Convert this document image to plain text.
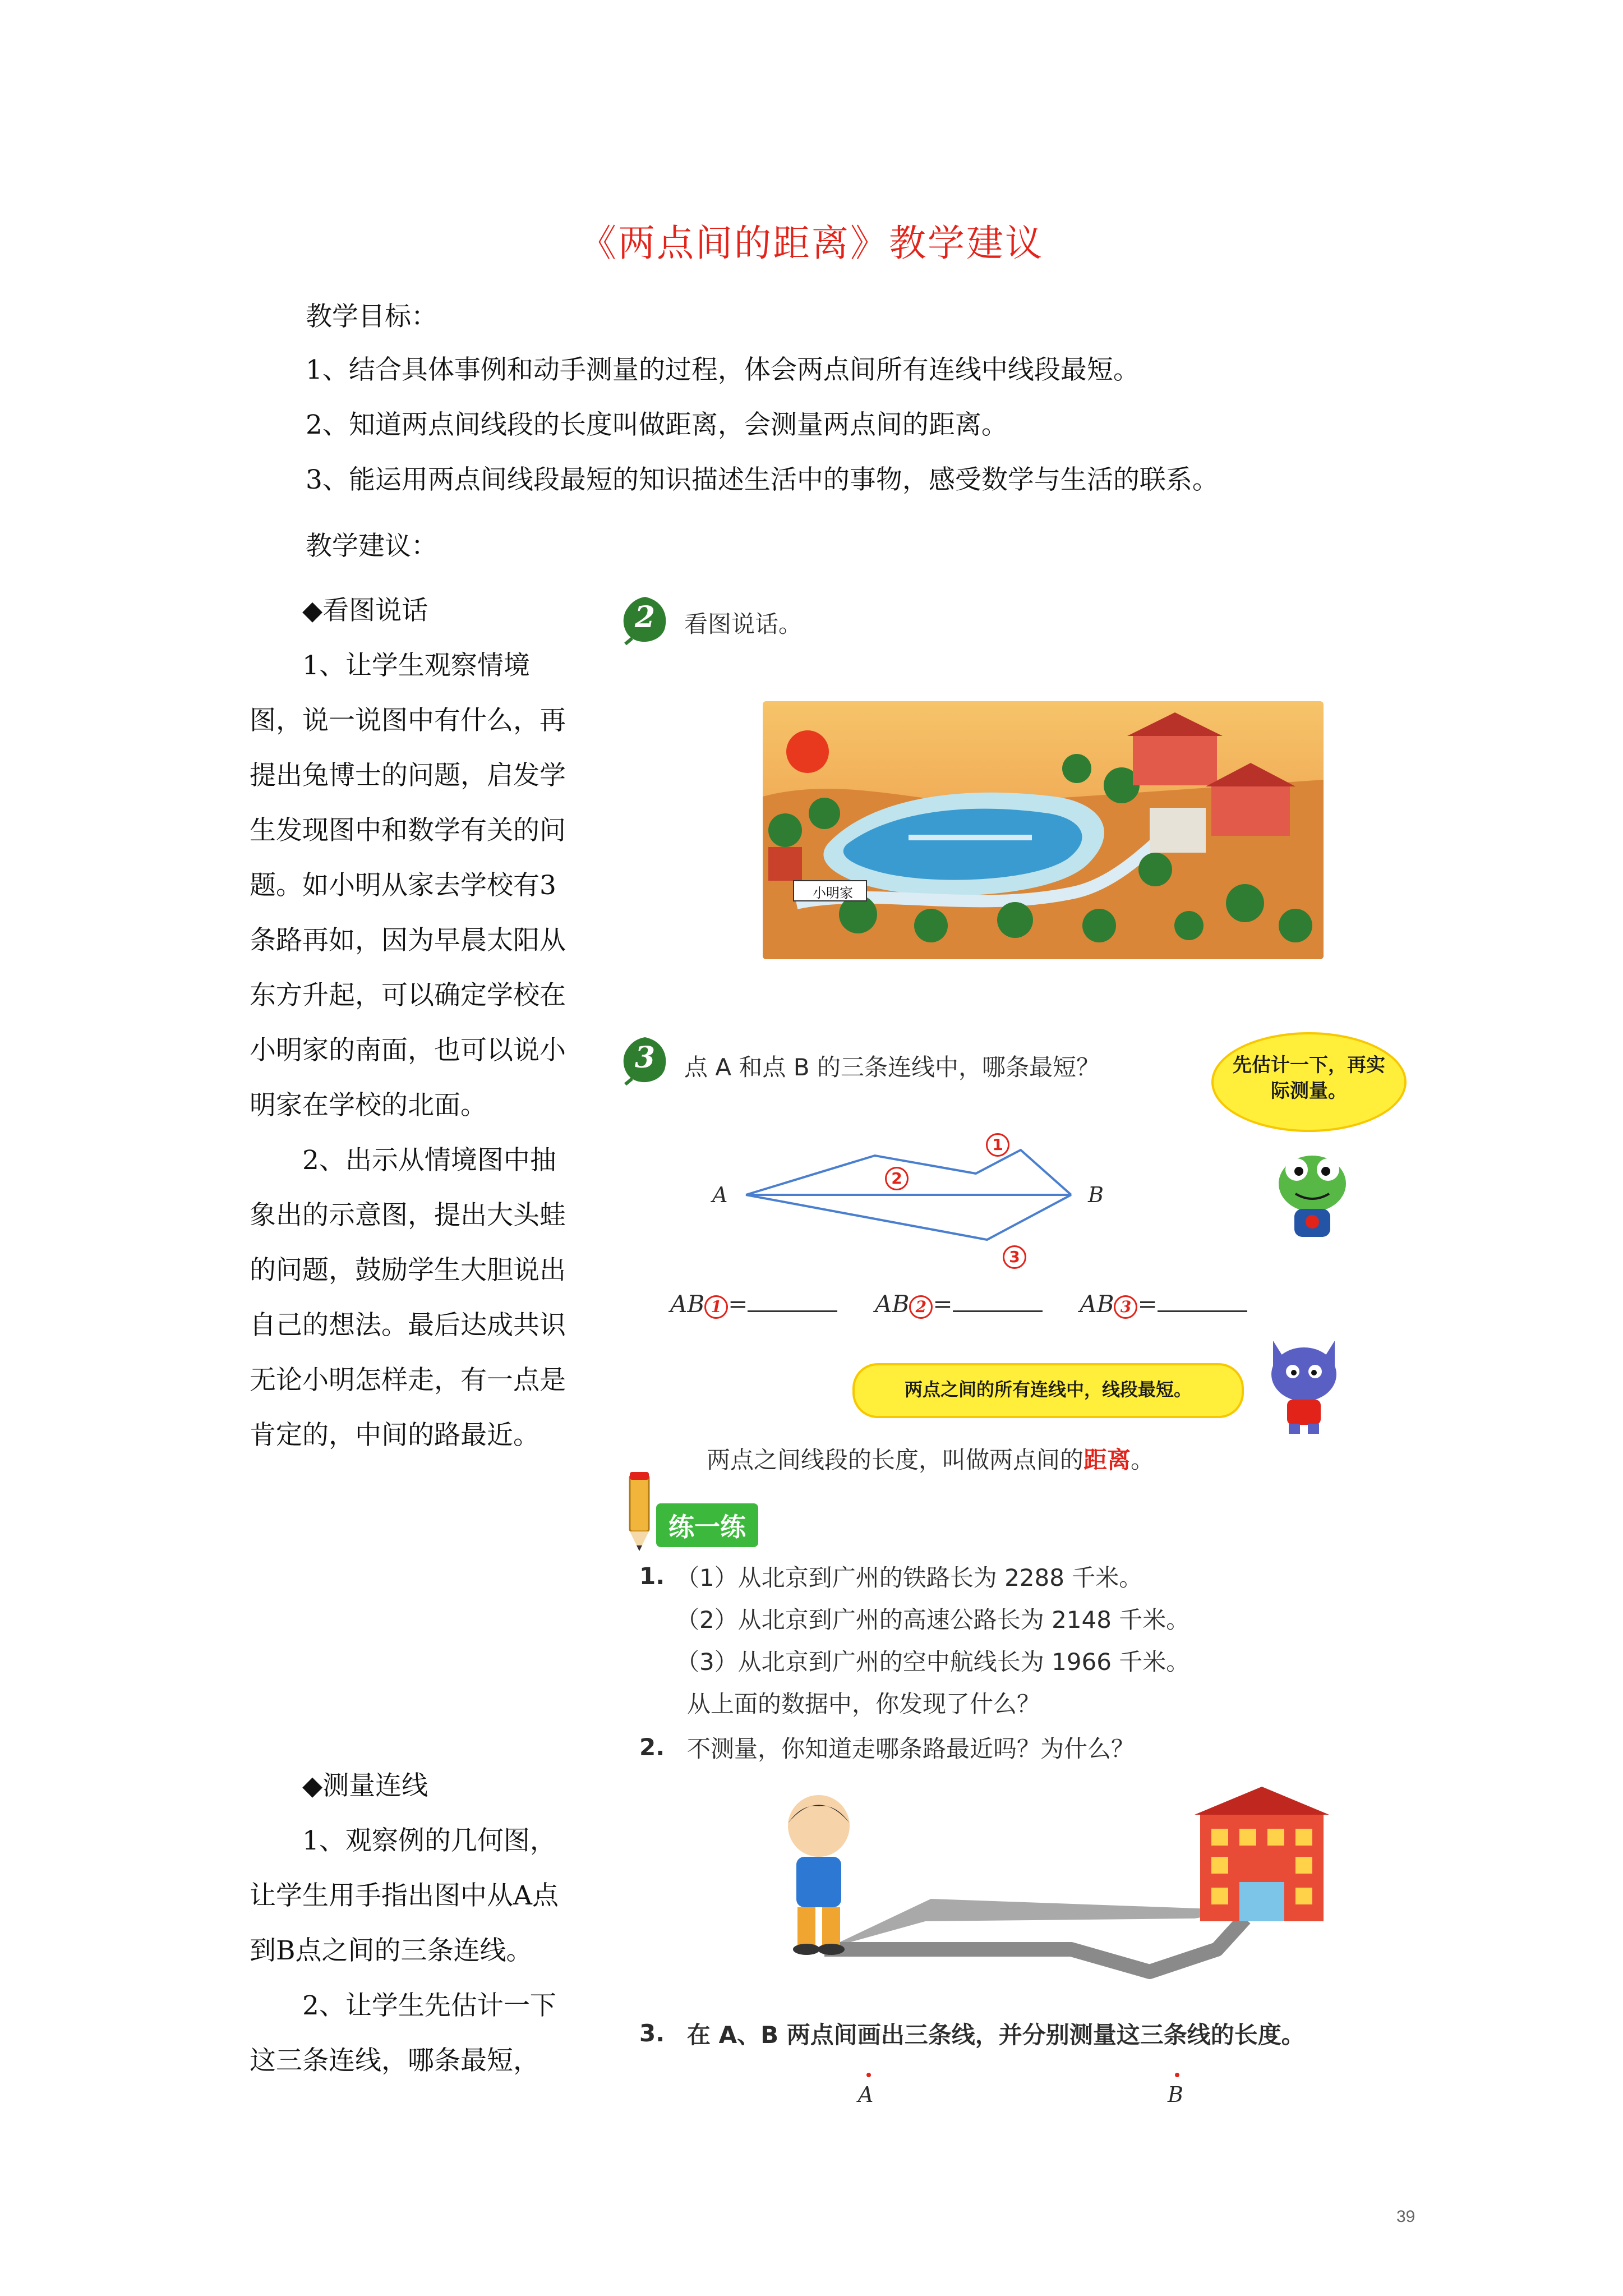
《两点间的距离》教学建议
教学目标：
1、结合具体事例和动手测量的过程，体会两点间所有连线中线段最短。
2、知道两点间线段的长度叫做距离，会测量两点间的距离。
3、能运用两点间线段最短的知识描述生活中的事物，感受数学与生活的联系。
教学建议：

◆看图说话

1、让学生观察情境图，说一说图中有什么，再提出兔博士的问题，启发学生发现图中和数学有关的问题。如小明从家去学校有3条路再如，因为早晨太阳从东方升起，可以确定学校在小明家的南面，也可以说小明家在学校的北面。

2、出示从情境图中抽象出的示意图，提出大头蛙的问题，鼓励学生大胆说出自己的想法。最后达成共识无论小明怎样走，有一点是肯定的，中间的路最近。

◆测量连线

1、观察例的几何图，让学生用手指出图中从A点到B点之间的三条连线。

2、让学生先估计一下这三条连线，哪条最短，

2	看图说话。
小明家
3	点 A 和点 B 的三条连线中，哪条最短？	先估计一下，再实际测量。
A	B
1
2
3
AB 1 =	AB 2 =	AB 3 =
两点之间的所有连线中，线段最短。
两点之间线段的长度，叫做两点间的距离。
练一练
1. （1）从北京到广州的铁路长为 2288 千米。
（2）从北京到广州的高速公路长为 2148 千米。
（3）从北京到广州的空中航线长为 1966 千米。
从上面的数据中，你发现了什么？
2. 不测量，你知道走哪条路最近吗？为什么？
3. 在 A、B 两点间画出三条线，并分别测量这三条线的长度。
A	B
39
